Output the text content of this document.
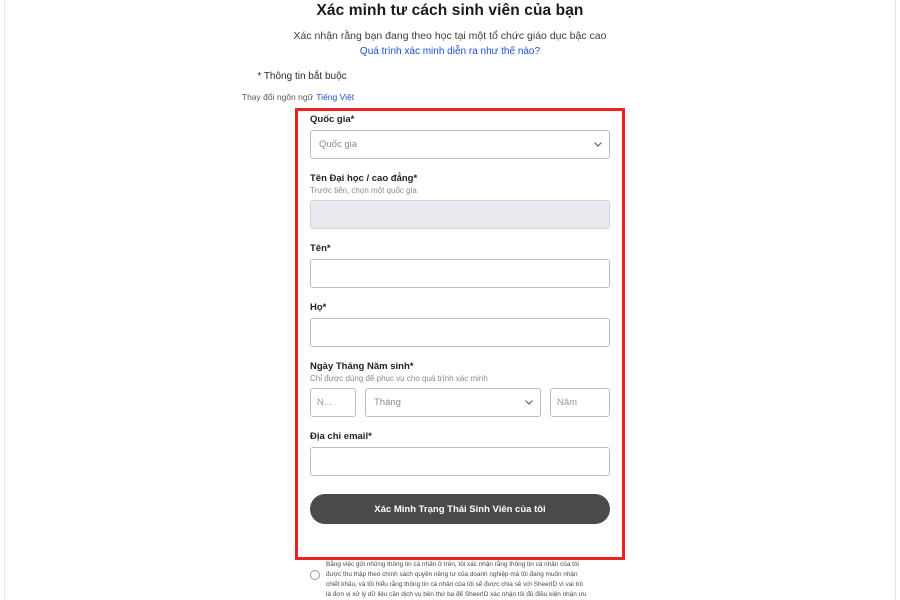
Xác minh tư cách sinh viên của bạn
Xác nhận rằng bạn đang theo học tại một tổ chức giáo dục bậc cao
Quá trình xác minh diễn ra như thế nào?
* Thông tin bắt buộc
Thay đổi ngôn ngữ Tiếng Việt
Quốc gia*
Quốc gia
Tên Đại học / cao đẳng*
Trước tiên, chọn một quốc gia
Tên*
Họ*
Ngày Tháng Năm sinh*
Chỉ được dùng để phục vụ cho quá trình xác minh
N...
Tháng
Năm
Địa chỉ email*
Xác Minh Trạng Thái Sinh Viên của tôi
Bằng việc gửi những thông tin cá nhân ở trên, tôi xác nhận rằng thông tin cá nhân của tôi
được thu thập theo chính sách quyền riêng tư của doanh nghiệp mà tôi đang muốn nhận
chiết khấu, và tôi hiểu rằng thông tin cá nhân của tôi sẽ được chia sẻ với SheerID vì vai trò
là đơn vị xử lý dữ liệu cần dịch vụ bên thứ ba để SheerID xác nhận tôi đủ điều kiện nhận ưu
